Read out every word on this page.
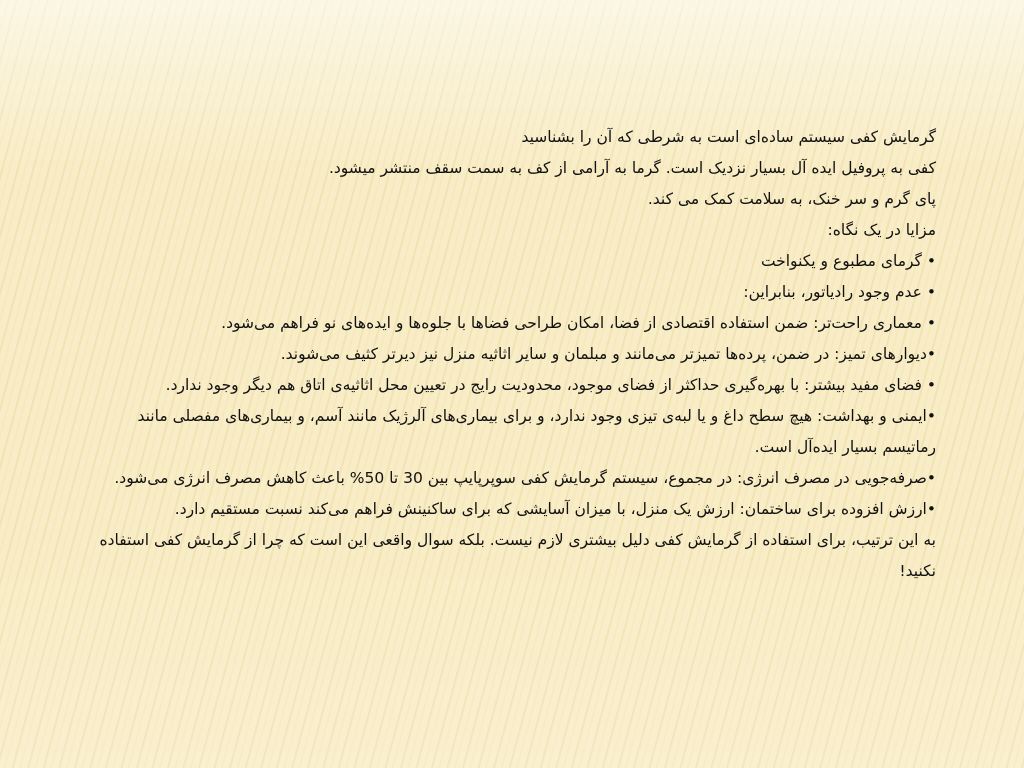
گرمایش کفی سیستم ساده‌ای است به شرطی که آن را بشناسید

کفی به پروفیل ایده آل بسیار نزدیک است. گرما به آرامی از کف به سمت سقف منتشر میشود.

پای گرم و سر خنک، به سلامت کمک می کند.

مزایا در یک نگاه:

• گرمای مطبوع و یکنواخت

• عدم وجود رادیاتور، بنابراین:

• معماری راحت‌تر: ضمن استفاده اقتصادی از فضا، امکان طراحی فضاها با جلوه‌ها و ایده‌های نو فراهم می‌شود.

•دیوارهای تمیز: در ضمن، پرده‌ها تمیزتر می‌مانند و مبلمان و سایر اثاثیه منزل نیز دیرتر کثیف می‌شوند.

• فضای مفید بیشتر: با بهره‌گیری حداکثر از فضای موجود، محدودیت رایج در تعیین محل اثاثیه‌ی اتاق هم دیگر وجود ندارد.

•ایمنی و بهداشت: هیچ سطح داغ و یا لبه‌ی تیزی وجود ندارد، و برای بیماری‌های آلرژیک مانند آسم، و بیماری‌های مفصلی مانند رماتیسم بسیار ایده‌آل است.

•صرفه‌جویی در مصرف انرژی: در مجموع، سیستم گرمایش کفی سوپرپایپ بین 30 تا 50% باعث کاهش مصرف انرژی می‌شود.

•ارزش افزوده برای ساختمان: ارزش یک منزل، با میزان آسایشی که برای ساکنینش فراهم می‌کند نسبت مستقیم دارد.

به این ترتیب، برای استفاده از گرمایش کفی دلیل بیشتری لازم نیست. بلکه سوال واقعی این است که چرا از گرمایش کفی استفاده نکنید!
